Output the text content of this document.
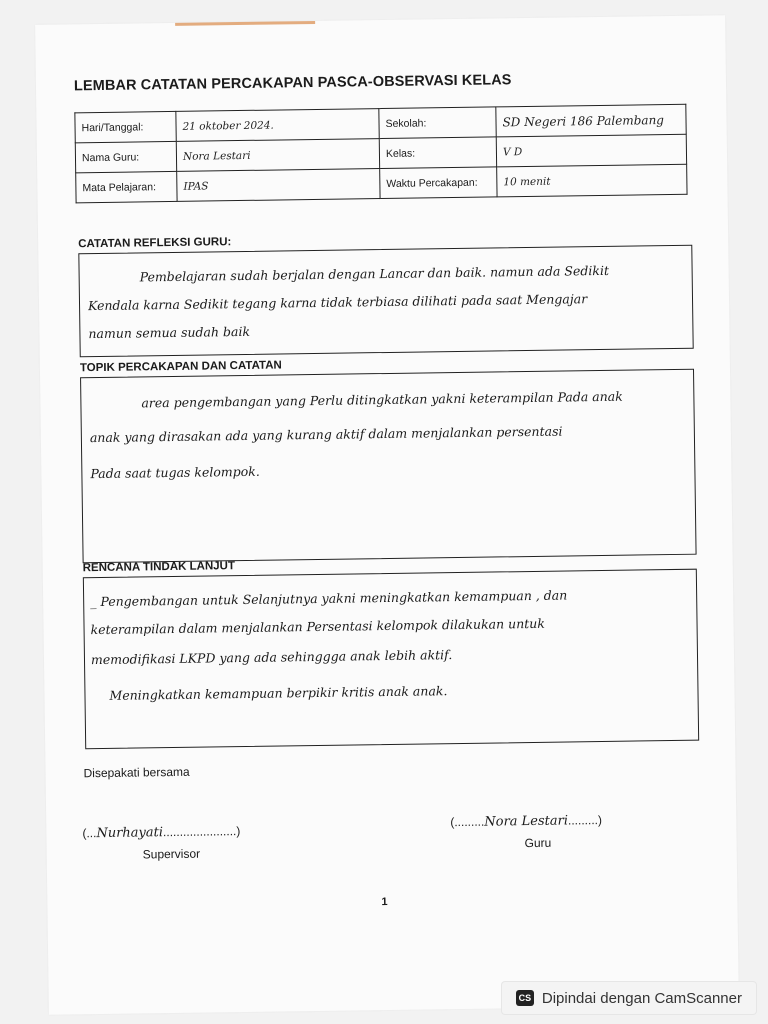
LEMBAR CATATAN PERCAKAPAN PASCA-OBSERVASI KELAS
Hari/Tanggal:	21 oktober 2024.	Sekolah:	SD Negeri 186 Palembang
Nama Guru:	Nora Lestari	Kelas:	V D
Mata Pelajaran:	IPAS	Waktu Percakapan:	10 menit
CATATAN REFLEKSI GURU:

Pembelajaran sudah berjalan dengan Lancar dan baik. namun ada Sedikit

Kendala karna Sedikit tegang karna tidak terbiasa dilihati pada saat Mengajar

namun semua sudah baik

TOPIK PERCAKAPAN DAN CATATAN

area pengembangan yang Perlu ditingkatkan yakni keterampilan Pada anak

anak yang dirasakan ada yang kurang aktif dalam menjalankan persentasi

Pada saat tugas kelompok.

RENCANA TINDAK LANJUT

_ Pengembangan untuk Selanjutnya yakni meningkatkan kemampuan , dan

keterampilan dalam menjalankan Persentasi kelompok dilakukan untuk

memodifikasi LKPD yang ada sehinggga anak lebih aktif.

Meningkatkan kemampuan berpikir kritis anak anak.

Disepakati bersama
(...Nurhayati......................)
Supervisor
(.........Nora Lestari.........)
Guru
1
CS Dipindai dengan CamScanner
